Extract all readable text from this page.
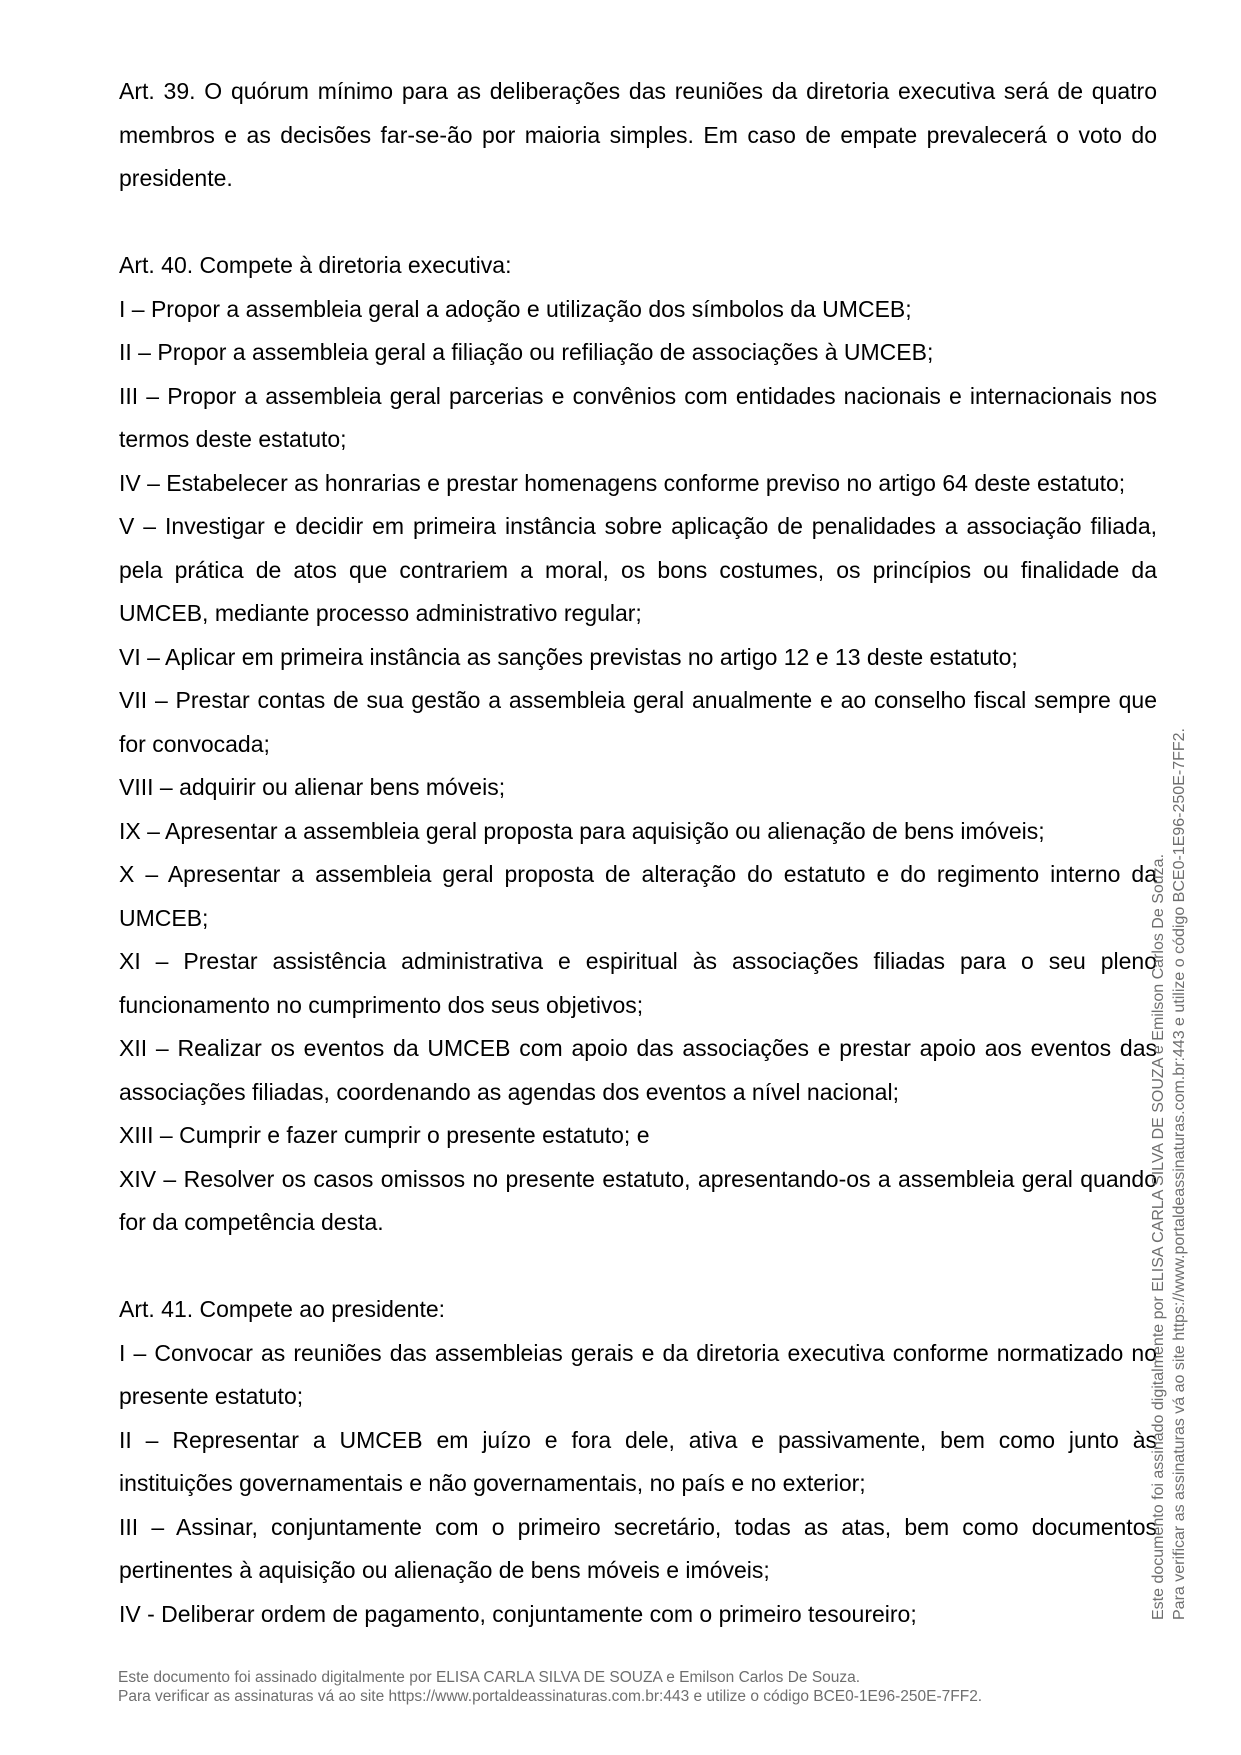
Art. 39. O quórum mínimo para as deliberações das reuniões da diretoria executiva será de quatro membros e as decisões far-se-ão por maioria simples. Em caso de empate prevalecerá o voto do presidente.

Art. 40. Compete à diretoria executiva:

I – Propor a assembleia geral a adoção e utilização dos símbolos da UMCEB;

II – Propor a assembleia geral a filiação ou refiliação de associações à UMCEB;

III – Propor a assembleia geral parcerias e convênios com entidades nacionais e internacionais nos termos deste estatuto;

IV – Estabelecer as honrarias e prestar homenagens conforme previso no artigo 64 deste estatuto;

V – Investigar e decidir em primeira instância sobre aplicação de penalidades a associação filiada, pela prática de atos que contrariem a moral, os bons costumes, os princípios ou finalidade da UMCEB, mediante processo administrativo regular;

VI – Aplicar em primeira instância as sanções previstas no artigo 12 e 13 deste estatuto;

VII – Prestar contas de sua gestão a assembleia geral anualmente e ao conselho fiscal sempre que for convocada;

VIII – adquirir ou alienar bens móveis;

IX – Apresentar a assembleia geral proposta para aquisição ou alienação de bens imóveis;

X – Apresentar a assembleia geral proposta de alteração do estatuto e do regimento interno da UMCEB;

XI – Prestar assistência administrativa e espiritual às associações filiadas para o seu pleno funcionamento no cumprimento dos seus objetivos;

XII – Realizar os eventos da UMCEB com apoio das associações e prestar apoio aos eventos das associações filiadas, coordenando as agendas dos eventos a nível nacional;

XIII – Cumprir e fazer cumprir o presente estatuto; e

XIV – Resolver os casos omissos no presente estatuto, apresentando-os a assembleia geral quando for da competência desta.

Art. 41. Compete ao presidente:

I – Convocar as reuniões das assembleias gerais e da diretoria executiva conforme normatizado no presente estatuto;

II – Representar a UMCEB em juízo e fora dele, ativa e passivamente, bem como junto às instituições governamentais e não governamentais, no país e no exterior;

III – Assinar, conjuntamente com o primeiro secretário, todas as atas, bem como documentos pertinentes à aquisição ou alienação de bens móveis e imóveis;

IV - Deliberar ordem de pagamento, conjuntamente com o primeiro tesoureiro;

Este documento foi assinado digitalmente por ELISA CARLA SILVA DE SOUZA e Emilson Carlos De Souza.
Para verificar as assinaturas vá ao site https://www.portaldeassinaturas.com.br:443 e utilize o código BCE0-1E96-250E-7FF2.
Este documento foi assinado digitalmente por ELISA CARLA SILVA DE SOUZA e Emilson Carlos De Souza. Para verificar as assinaturas vá ao site https://www.portaldeassinaturas.com.br:443 e utilize o código BCE0-1E96-250E-7FF2.
